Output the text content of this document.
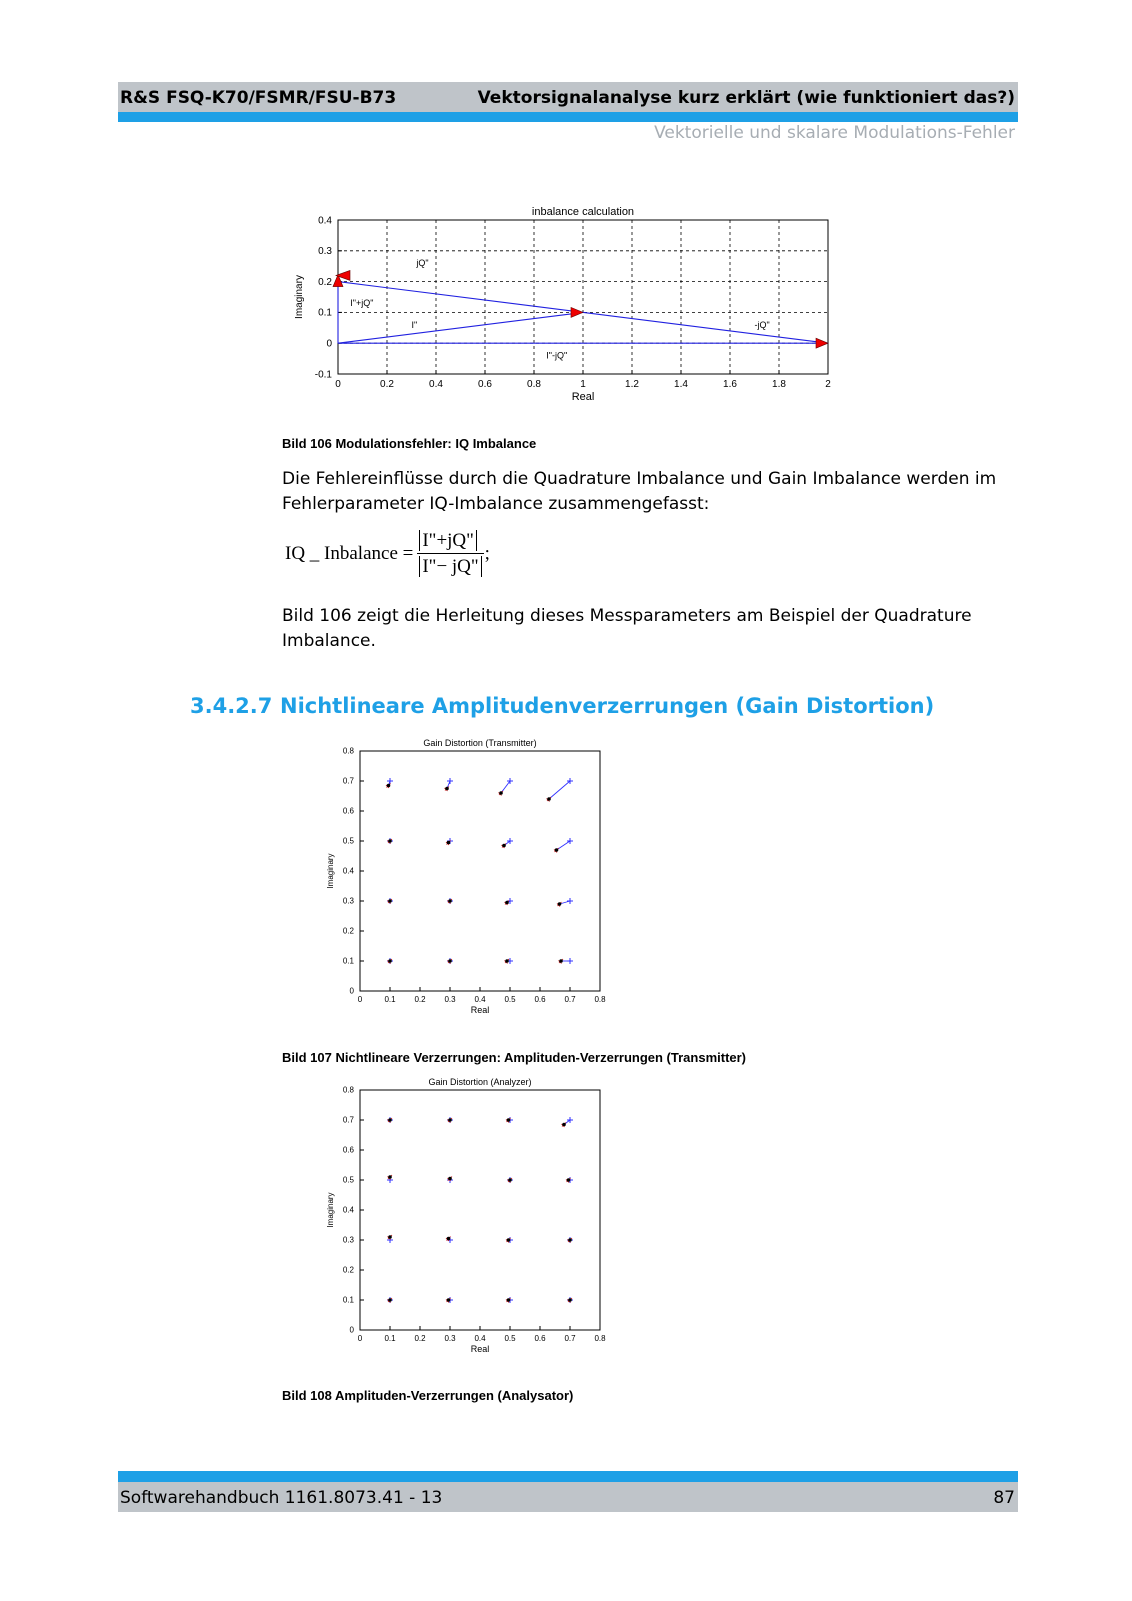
R&S FSQ-K70/FSMR/FSU-B73	Vektorsignalanalyse kurz erklärt (wie funktioniert das?)
Vektorielle und skalare Modulations-Fehler
0	0.2	0.4	0.6	0.8	1	1.2	1.4	1.6	1.8	2
-0.1
0
0.1
0.2
0.3
0.4
inbalance calculation
Real
Imaginary
jQ"
I"+jQ"
I"	-jQ"
I"-jQ"
Bild 106 Modulationsfehler: IQ Imbalance
Die Fehlereinflüsse durch die Quadrature Imbalance und Gain Imbalance werden im Fehlerparameter IQ-Imbalance zusammengefasst:
IQ _ Inbalance =	I"+jQ"	;
I"− jQ"
Bild 106 zeigt die Herleitung dieses Messparameters am Beispiel der Quadrature Imbalance.
3.4.2.7 Nichtlineare Amplitudenverzerrungen (Gain Distortion)
0	0.1 0.2 0.3 0.4 0.5 0.6 0.7 0.8
0
0.1
0.2
0.3
0.4
0.5
0.6
0.7
0.8
Gain Distortion (Transmitter)
Real
Imaginary
Bild 107 Nichtlineare Verzerrungen: Amplituden-Verzerrungen (Transmitter)
0	0.1 0.2 0.3 0.4 0.5 0.6 0.7 0.8
0
0.1
0.2
0.3
0.4
0.5
0.6
0.7
0.8
Gain Distortion (Analyzer)
Real
Imaginary
Bild 108 Amplituden-Verzerrungen (Analysator)
Softwarehandbuch 1161.8073.41 - 13	87
